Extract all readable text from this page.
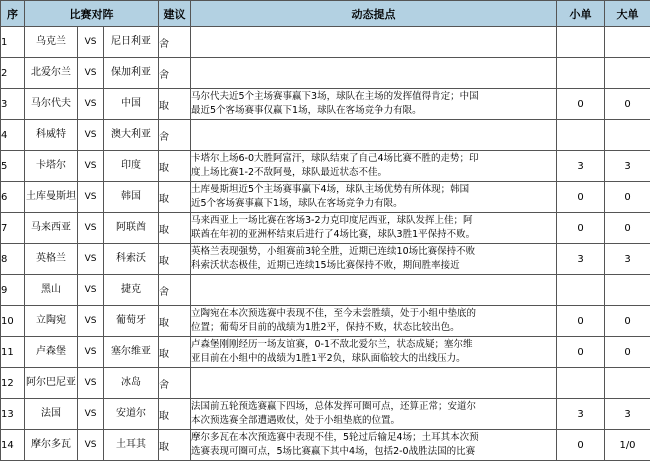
序	比赛对阵			建议	动态提点	小单	大单
1	乌克兰	VS	尼日利亚	舍	

2	北爱尔兰	VS	保加利亚	舍	

3	马尔代夫	VS	中国	取	马尔代夫近5个主场赛事赢下3场，球队在主场的发挥值得肯定；中国
最近5个客场赛事仅赢下1场，球队在客场竞争力有限。	0	0
4	科威特	VS	澳大利亚	舍	

5	卡塔尔	VS	印度	取	卡塔尔上场6-0大胜阿富汗，球队结束了自己4场比赛不胜的走势；印
度上场比赛1-2不敌阿曼，球队最近状态不佳。	3	3
6	土库曼斯坦	VS	韩国	取	土库曼斯坦近5个主场赛事赢下4场，球队主场优势有所体现；韩国
近5个客场赛事赢下1场，球队在客场竞争力有限。	0	0
7	马来西亚	VS	阿联酋	取	马来西亚上一场比赛在客场3-2力克印度尼西亚，球队发挥上佳；阿
联酋在年初的亚洲杯结束后进行了4场比赛，球队3胜1平保持不败。	0	0
8	英格兰	VS	科索沃	取	英格兰表现强势，小组赛前3轮全胜，近期已连续10场比赛保持不败
科索沃状态极佳，近期已连续15场比赛保持不败，期间胜率接近	3	3
9	黑山	VS	捷克	舍	

10	立陶宛	VS	葡萄牙	取	立陶宛在本次预选赛中表现不佳，至今未尝胜绩，处于小组中垫底的
位置；葡萄牙目前的战绩为1胜2平，保持不败，状态比较出色。	0	0
11	卢森堡	VS	塞尔维亚	取	卢森堡刚刚经历一场友谊赛，0-1不敌北爱尔兰，状态成疑；塞尔维
亚目前在小组中的战绩为1胜1平2负，球队面临较大的出线压力。	0	0
12	阿尔巴尼亚	VS	冰岛	舍	

13	法国	VS	安道尔	取	法国前五轮预选赛赢下四场，总体发挥可圈可点，还算正常；安道尔
本次预选赛全部遭遇败仗，处于小组垫底的位置。	3	3
14	摩尔多瓦	VS	土耳其	取	摩尔多瓦在本次预选赛中表现不佳，5轮过后输足4场；土耳其本次预
选赛表现可圈可点，5场比赛赢下其中4场，包括2-0战胜法国的比赛	0	1/0
